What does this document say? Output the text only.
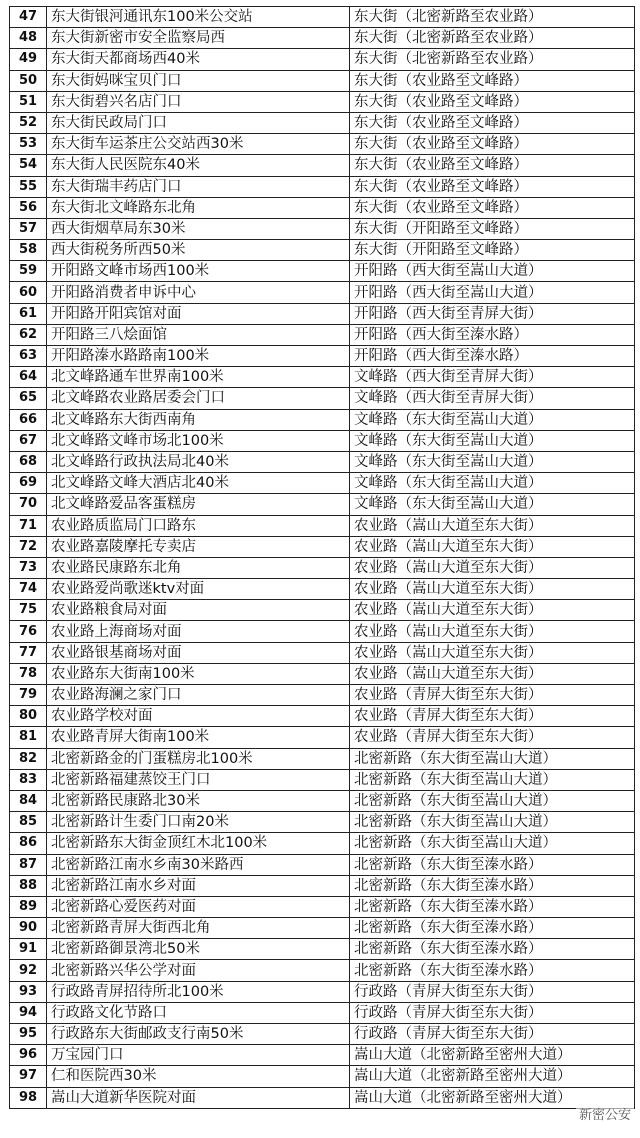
47	东大街银河通讯东100米公交站	东大街（北密新路至农业路）
48	东大街新密市安全监察局西	东大街（北密新路至农业路）
49	东大街天都商场西40米	东大街（北密新路至农业路）
50	东大街妈咪宝贝门口	东大街（农业路至文峰路）
51	东大街碧兴名店门口	东大街（农业路至文峰路）
52	东大街民政局门口	东大街（农业路至文峰路）
53	东大街车运茶庄公交站西30米	东大街（农业路至文峰路）
54	东大街人民医院东40米	东大街（农业路至文峰路）
55	东大街瑞丰药店门口	东大街（农业路至文峰路）
56	东大街北文峰路东北角	东大街（农业路至文峰路）
57	西大街烟草局东30米	东大街（开阳路至文峰路）
58	西大街税务所西50米	东大街（开阳路至文峰路）
59	开阳路文峰市场西100米	开阳路（西大街至嵩山大道）
60	开阳路消费者申诉中心	开阳路（西大街至嵩山大道）
61	开阳路开阳宾馆对面	开阳路（西大街至青屏大街）
62	开阳路三八烩面馆	开阳路（西大街至溱水路）
63	开阳路溱水路路南100米	开阳路（西大街至溱水路）
64	北文峰路通车世界南100米	文峰路（西大街至青屏大街）
65	北文峰路农业路居委会门口	文峰路（西大街至青屏大街）
66	北文峰路东大街西南角	文峰路（东大街至嵩山大道）
67	北文峰路文峰市场北100米	文峰路（东大街至嵩山大道）
68	北文峰路行政执法局北40米	文峰路（东大街至嵩山大道）
69	北文峰路文峰大酒店北40米	文峰路（东大街至嵩山大道）
70	北文峰路爱品客蛋糕房	文峰路（东大街至嵩山大道）
71	农业路质监局门口路东	农业路（嵩山大道至东大街）
72	农业路嘉陵摩托专卖店	农业路（嵩山大道至东大街）
73	农业路民康路东北角	农业路（嵩山大道至东大街）
74	农业路爱尚歌迷ktv对面	农业路（嵩山大道至东大街）
75	农业路粮食局对面	农业路（嵩山大道至东大街）
76	农业路上海商场对面	农业路（嵩山大道至东大街）
77	农业路银基商场对面	农业路（嵩山大道至东大街）
78	农业路东大街南100米	农业路（嵩山大道至东大街）
79	农业路海澜之家门口	农业路（青屏大街至东大街）
80	农业路学校对面	农业路（青屏大街至东大街）
81	农业路青屏大街南100米	农业路（青屏大街至东大街）
82	北密新路金的门蛋糕房北100米	北密新路（东大街至嵩山大道）
83	北密新路福建蒸饺王门口	北密新路（东大街至嵩山大道）
84	北密新路民康路北30米	北密新路（东大街至嵩山大道）
85	北密新路计生委门口南20米	北密新路（东大街至嵩山大道）
86	北密新路东大街金顶红木北100米	北密新路（东大街至嵩山大道）
87	北密新路江南水乡南30米路西	北密新路（东大街至溱水路）
88	北密新路江南水乡对面	北密新路（东大街至溱水路）
89	北密新路心爱医药对面	北密新路（东大街至溱水路）
90	北密新路青屏大街西北角	北密新路（东大街至溱水路）
91	北密新路御景湾北50米	北密新路（东大街至溱水路）
92	北密新路兴华公学对面	北密新路（东大街至溱水路）
93	行政路青屏招待所北100米	行政路（青屏大街至东大街）
94	行政路文化节路口	行政路（青屏大街至东大街）
95	行政路东大街邮政支行南50米	行政路（青屏大街至东大街）
96	万宝园门口	嵩山大道（北密新路至密州大道）
97	仁和医院西30米	嵩山大道（北密新路至密州大道）
98	嵩山大道新华医院对面	嵩山大道（北密新路至密州大道）
新密公安
